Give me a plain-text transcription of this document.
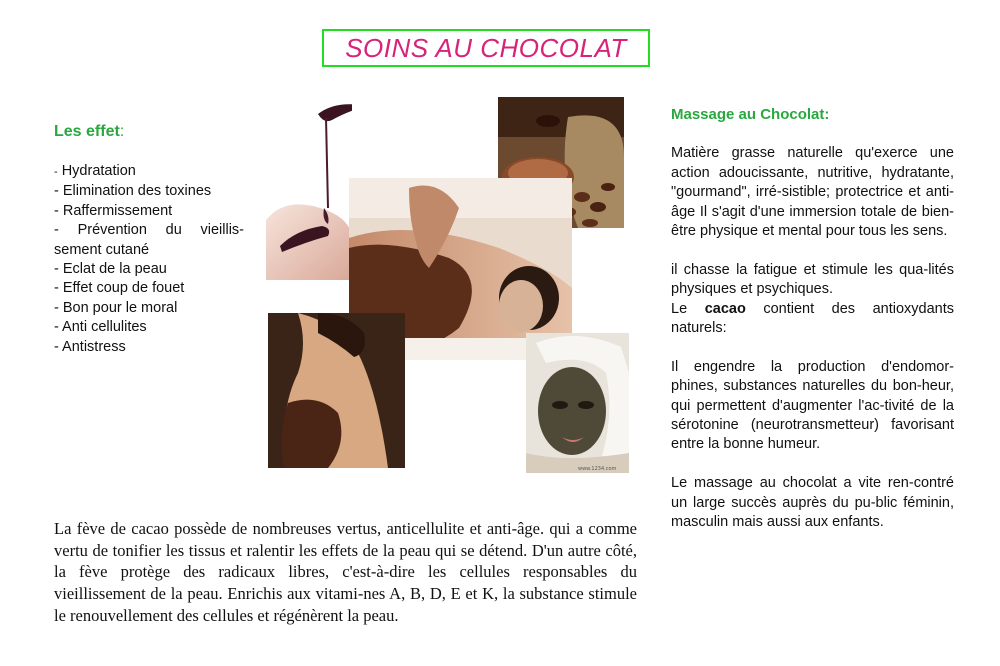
SOINS AU CHOCOLAT
Les effet:
- Hydratation
- Elimination des toxines
- Raffermissement
- Prévention du vieillis-
sement cutané
- Eclat de la peau
- Effet coup de fouet
- Bon pour le moral
- Anti cellulites
- Antistress
www.1234.com
Massage au Chocolat:

Matière grasse naturelle qu'exerce une action adoucissante, nutritive, hydratante, "gourmand", irré-sistible; protectrice et anti-âge Il s'agit d'une immersion totale de bien-être physique et mental pour tous les sens.

il chasse la fatigue et stimule les qua-lités physiques et psychiques.
Le cacao contient des antioxydants naturels:

Il engendre la production d'endomor-phines, substances naturelles du bon-heur, qui permettent d'augmenter l'ac-tivité de la sérotonine (neurotransmetteur) favorisant entre la bonne humeur.

Le massage au chocolat a vite ren-contré un large succès auprès du pu-blic féminin, masculin mais aussi aux enfants.

La fève de cacao possède de nombreuses vertus, anticellulite et anti-âge. qui a comme vertu de tonifier les tissus et ralentir les effets de la peau qui se détend. D'un autre côté, la fève protège des radicaux libres, c'est-à-dire les cellules responsables du vieillissement de la peau. Enrichis aux vitami-nes A, B, D, E et K, la substance stimule le renouvellement des cellules et régénèrent la peau.
